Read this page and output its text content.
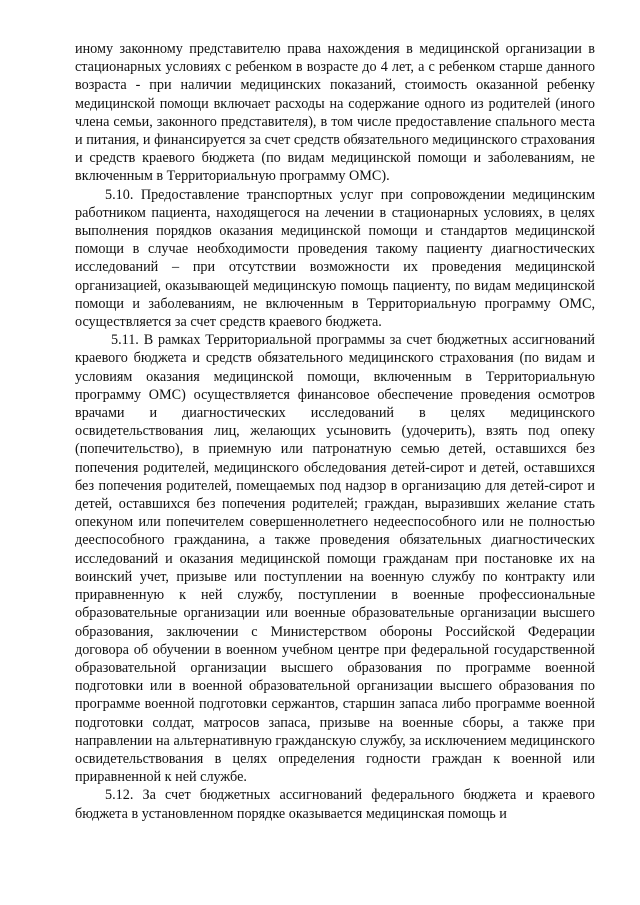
иному законному представителю права нахождения в медицинской организации в стационарных условиях с ребенком в возрасте до 4 лет, а с ребенком старше данного возраста - при наличии медицинских показаний, стоимость оказанной ребенку медицинской помощи включает расходы на содержание одного из родителей (иного члена семьи, законного представителя), в том числе предоставление спального места и питания, и финансируется за счет средств обязательного медицинского страхования и средств краевого бюджета (по видам медицинской помощи и заболеваниям, не включенным в Территориальную программу ОМС).

5.10. Предоставление транспортных услуг при сопровождении медицинским работником пациента, находящегося на лечении в стационарных условиях, в целях выполнения порядков оказания медицинской помощи и стандартов медицинской помощи в случае необходимости проведения такому пациенту диагностических исследований – при отсутствии возможности их проведения медицинской организацией, оказывающей медицинскую помощь пациенту, по видам медицинской помощи и заболеваниям, не включенным в Территориальную программу ОМС, осуществляется за счет средств краевого бюджета.

5.11. В рамках Территориальной программы за счет бюджетных ассигнований краевого бюджета и средств обязательного медицинского страхования (по видам и условиям оказания медицинской помощи, включенным в Территориальную программу ОМС) осуществляется финансовое обеспечение проведения осмотров врачами и диагностических исследований в целях медицинского освидетельствования лиц, желающих усыновить (удочерить), взять под опеку (попечительство), в приемную или патронатную семью детей, оставшихся без попечения родителей, медицинского обследования детей-сирот и детей, оставшихся без попечения родителей, помещаемых под надзор в организацию для детей-сирот и детей, оставшихся без попечения родителей; граждан, выразивших желание стать опекуном или попечителем совершеннолетнего недееспособного или не полностью дееспособного гражданина, а также проведения обязательных диагностических исследований и оказания медицинской помощи гражданам при постановке их на воинский учет, призыве или поступлении на военную службу по контракту или приравненную к ней службу, поступлении в военные профессиональные образовательные организации или военные образовательные организации высшего образования, заключении с Министерством обороны Российской Федерации договора об обучении в военном учебном центре при федеральной государственной образовательной организации высшего образования по программе военной подготовки или в военной образовательной организации высшего образования по программе военной подготовки сержантов, старшин запаса либо программе военной подготовки солдат, матросов запаса, призыве на военные сборы, а также при направлении на альтернативную гражданскую службу, за исключением медицинского освидетельствования в целях определения годности граждан к военной или приравненной к ней службе.

5.12. За счет бюджетных ассигнований федерального бюджета и краевого бюджета в установленном порядке оказывается медицинская помощь и
